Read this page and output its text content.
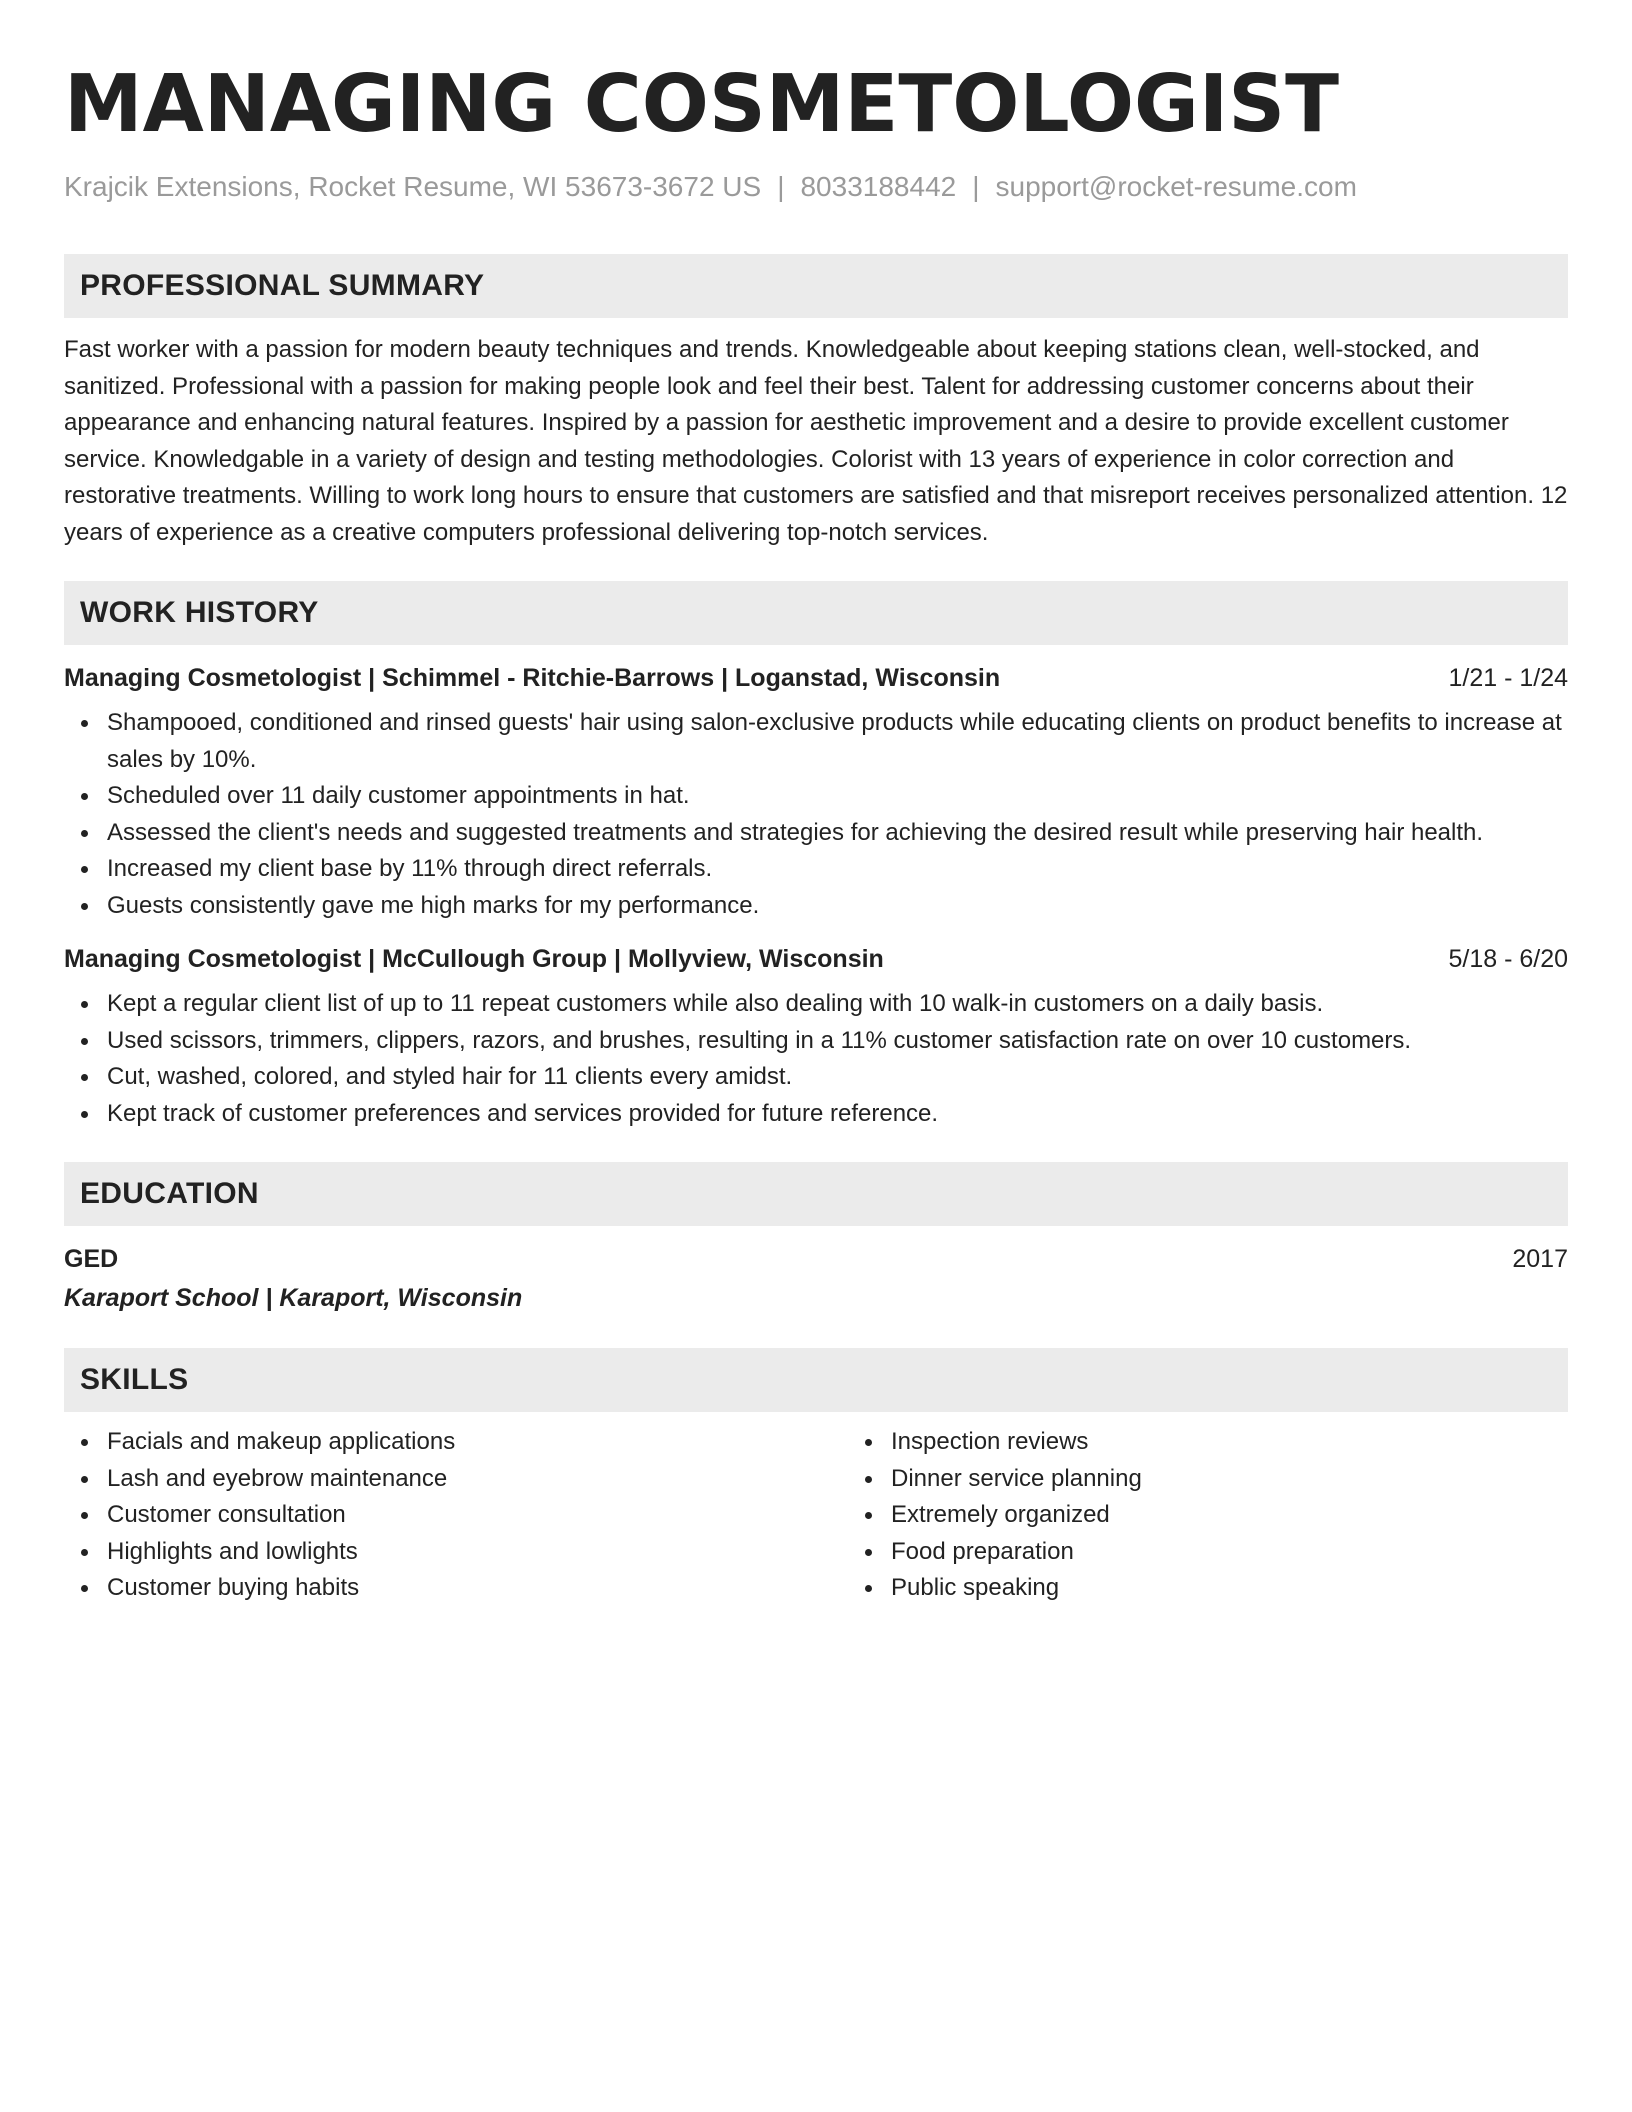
MANAGING COSMETOLOGIST
Krajcik Extensions, Rocket Resume, WI 53673-3672 US | 8033188442 | support@rocket-resume.com
PROFESSIONAL SUMMARY

Fast worker with a passion for modern beauty techniques and trends. Knowledgeable about keeping stations clean, well-stocked, and sanitized. Professional with a passion for making people look and feel their best. Talent for addressing customer concerns about their appearance and enhancing natural features. Inspired by a passion for aesthetic improvement and a desire to provide excellent customer service. Knowledgable in a variety of design and testing methodologies. Colorist with 13 years of experience in color correction and restorative treatments. Willing to work long hours to ensure that customers are satisfied and that misreport receives personalized attention. 12 years of experience as a creative computers professional delivering top-notch services.

WORK HISTORY
Managing Cosmetologist | Schimmel - Ritchie-Barrows | Loganstad, Wisconsin	1/21 - 1/24
Shampooed, conditioned and rinsed guests' hair using salon-exclusive products while educating clients on product benefits to increase at sales by 10%.
Scheduled over 11 daily customer appointments in hat.
Assessed the client's needs and suggested treatments and strategies for achieving the desired result while preserving hair health.
Increased my client base by 11% through direct referrals.
Guests consistently gave me high marks for my performance.
Managing Cosmetologist | McCullough Group | Mollyview, Wisconsin	5/18 - 6/20
Kept a regular client list of up to 11 repeat customers while also dealing with 10 walk-in customers on a daily basis.
Used scissors, trimmers, clippers, razors, and brushes, resulting in a 11% customer satisfaction rate on over 10 customers.
Cut, washed, colored, and styled hair for 11 clients every amidst.
Kept track of customer preferences and services provided for future reference.
EDUCATION
GED	2017
Karaport School | Karaport, Wisconsin
SKILLS
Facials and makeup applications
Lash and eyebrow maintenance
Customer consultation
Highlights and lowlights
Customer buying habits
Inspection reviews
Dinner service planning
Extremely organized
Food preparation
Public speaking
